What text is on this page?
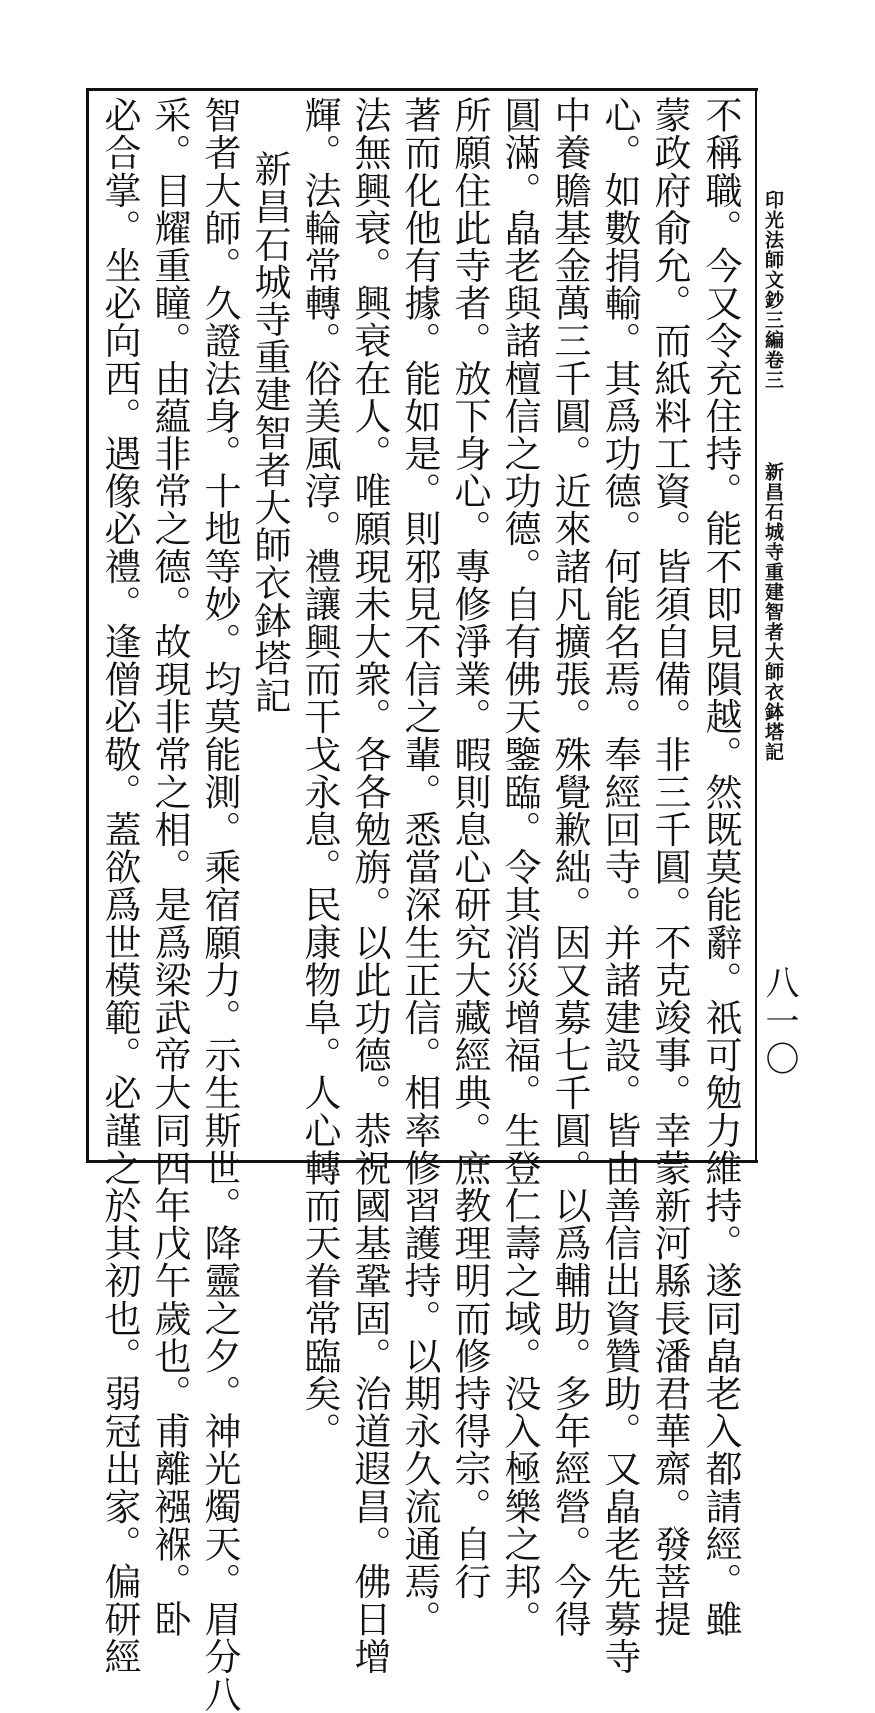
印光法師文鈔三編卷三
新昌石城寺重建智者大師衣鉢塔記
八一〇
不稱職。今又令充住持。能不即見隕越。然既莫能辭。祇可勉力維持。遂同皛老入都請經。雖
蒙政府俞允。而紙料工資。皆須自備。非三千圓。不克竣事。幸蒙新河縣長潘君華齋。發菩提
心。如數捐輸。其爲功德。何能名焉。奉經回寺。并諸建設。皆由善信出資贊助。又皛老先募寺
中養贍基金萬三千圓。近來諸凡擴張。殊覺歉絀。因又募七千圓。以爲輔助。多年經營。今得
圓滿。皛老與諸檀信之功德。自有佛天鑒臨。令其消災增福。生登仁壽之域。没入極樂之邦。
所願住此寺者。放下身心。專修淨業。暇則息心研究大藏經典。庶教理明而修持得宗。自行
著而化他有據。能如是。則邪見不信之輩。悉當深生正信。相率修習護持。以期永久流通焉。
法無興衰。興衰在人。唯願現未大衆。各各勉旃。以此功德。恭祝國基鞏固。治道遐昌。佛日增
輝。法輪常轉。俗美風淳。禮讓興而干戈永息。民康物阜。人心轉而天眷常臨矣。
新昌石城寺重建智者大師衣鉢塔記
智者大師。久證法身。十地等妙。均莫能測。乘宿願力。示生斯世。降靈之夕。神光燭天。眉分八
采。目耀重瞳。由藴非常之德。故現非常之相。是爲梁武帝大同四年戊午歲也。甫離襁褓。卧
必合掌。坐必向西。遇像必禮。逢僧必敬。蓋欲爲世模範。必謹之於其初也。弱冠出家。偏研經
